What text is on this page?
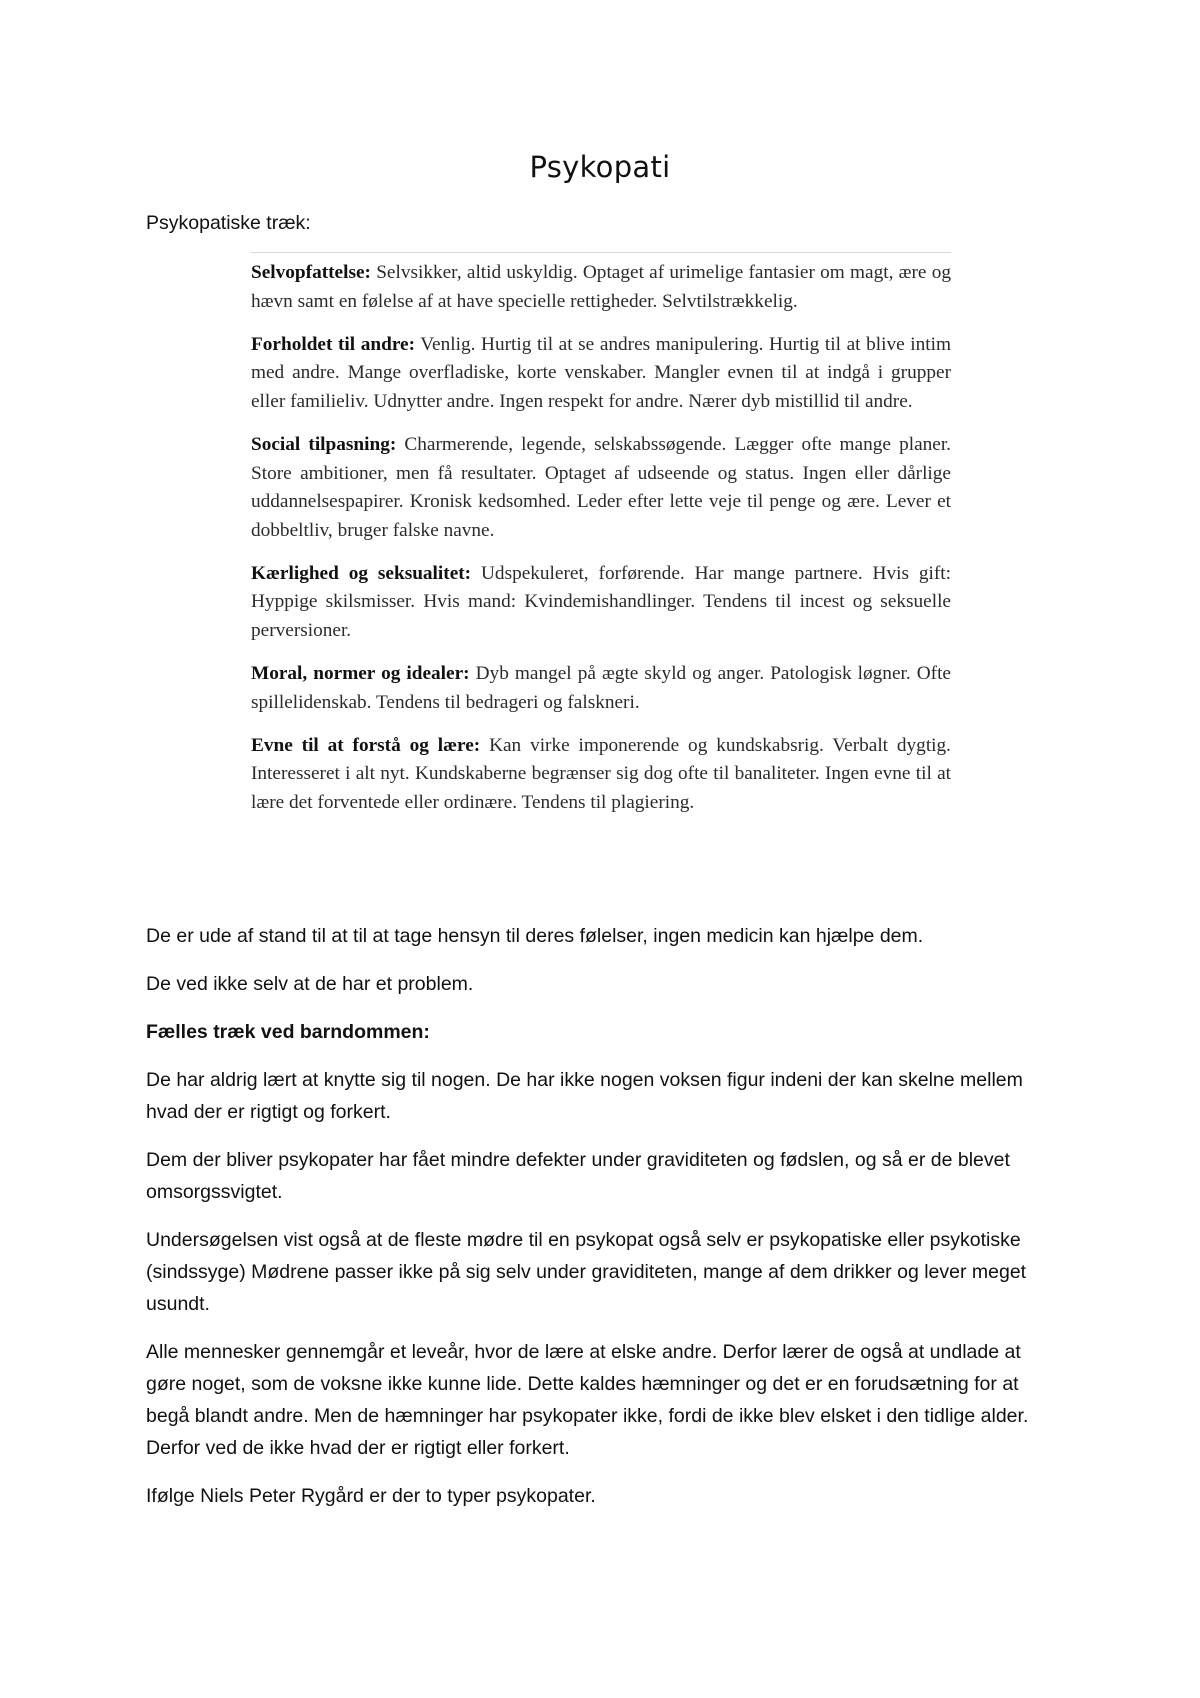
Psykopati
Psykopatiske træk:

Selvopfattelse: Selvsikker, altid uskyldig. Optaget af urimelige fantasier om magt, ære og hævn samt en følelse af at have specielle rettigheder. Selvtilstrækkelig.

Forholdet til andre: Venlig. Hurtig til at se andres manipulering. Hurtig til at blive intim med andre. Mange overfladiske, korte venskaber. Mangler evnen til at indgå i grupper eller familieliv. Udnytter andre. Ingen respekt for andre. Nærer dyb mistillid til andre.

Social tilpasning: Charmerende, legende, selskabssøgende. Lægger ofte mange planer. Store ambitioner, men få resultater. Optaget af udseende og status. Ingen eller dårlige uddannelsespapirer. Kronisk kedsomhed. Leder efter lette veje til penge og ære. Lever et dobbeltliv, bruger falske navne.

Kærlighed og seksualitet: Udspekuleret, forførende. Har mange partnere. Hvis gift: Hyppige skilsmisser. Hvis mand: Kvindemishandlinger. Tendens til incest og seksuelle perversioner.

Moral, normer og idealer: Dyb mangel på ægte skyld og anger. Patologisk løgner. Ofte spillelidenskab. Tendens til bedrageri og falskneri.

Evne til at forstå og lære: Kan virke imponerende og kundskabsrig. Verbalt dygtig. Interesseret i alt nyt. Kundskaberne begrænser sig dog ofte til banaliteter. Ingen evne til at lære det forventede eller ordinære. Tendens til plagiering.

De er ude af stand til at til at tage hensyn til deres følelser, ingen medicin kan hjælpe dem.

De ved ikke selv at de har et problem.

Fælles træk ved barndommen:

De har aldrig lært at knytte sig til nogen. De har ikke nogen voksen figur indeni der kan skelne mellem hvad der er rigtigt og forkert.

Dem der bliver psykopater har fået mindre defekter under graviditeten og fødslen, og så er de blevet omsorgssvigtet.

Undersøgelsen vist også at de fleste mødre til en psykopat også selv er psykopatiske eller psykotiske (sindssyge) Mødrene passer ikke på sig selv under graviditeten, mange af dem drikker og lever meget usundt.

Alle mennesker gennemgår et leveår, hvor de lære at elske andre. Derfor lærer de også at undlade at gøre noget, som de voksne ikke kunne lide. Dette kaldes hæmninger og det er en forudsætning for at begå blandt andre. Men de hæmninger har psykopater ikke, fordi de ikke blev elsket i den tidlige alder. Derfor ved de ikke hvad der er rigtigt eller forkert.

Ifølge Niels Peter Rygård er der to typer psykopater.
